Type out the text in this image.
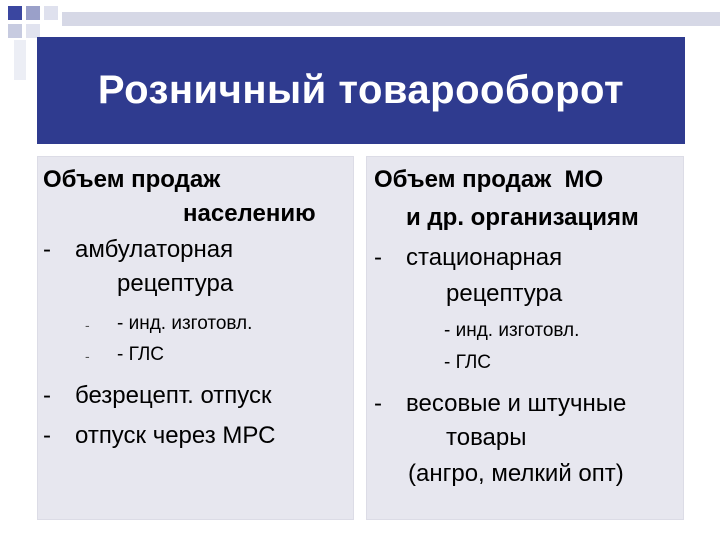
Розничный товарооборот
Объем продаж
населению
- амбулаторная
рецептура
- - инд. изготовл.
- - ГЛС
- безрецепт. отпуск
- отпуск через МРС
Объем продаж  МО
и др. организациям
- стационарная
рецептура
- инд. изготовл.
- ГЛС
- весовые и штучные
товары
(ангро, мелкий опт)
